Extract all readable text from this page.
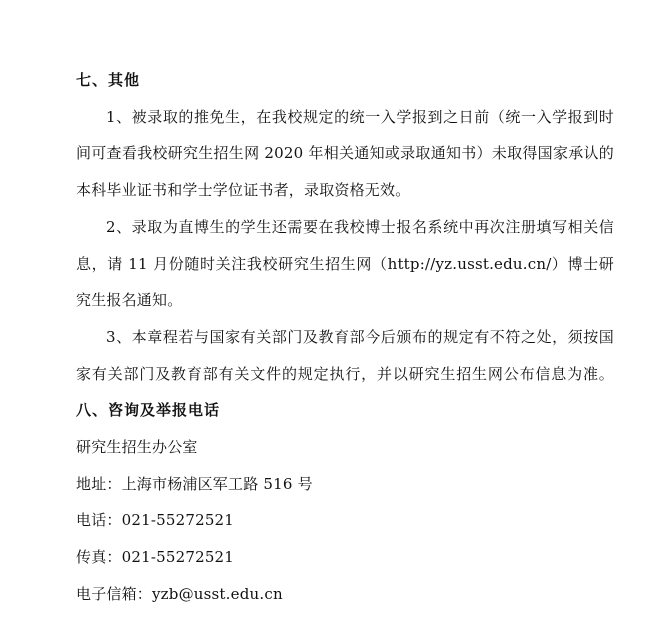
七、其他
1、被录取的推免生，在我校规定的统一入学报到之日前（统一入学报到时
间可查看我校研究生招生网 2020 年相关通知或录取通知书）未取得国家承认的
本科毕业证书和学士学位证书者，录取资格无效。
2、录取为直博生的学生还需要在我校博士报名系统中再次注册填写相关信
息，请 11 月份随时关注我校研究生招生网（http://yz.usst.edu.cn/）博士研
究生报名通知。
3、本章程若与国家有关部门及教育部今后颁布的规定有不符之处，须按国
家有关部门及教育部有关文件的规定执行，并以研究生招生网公布信息为准。
八、咨询及举报电话
研究生招生办公室
地址：上海市杨浦区军工路 516 号
电话：021-55272521
传真：021-55272521
电子信箱：yzb@usst.edu.cn
